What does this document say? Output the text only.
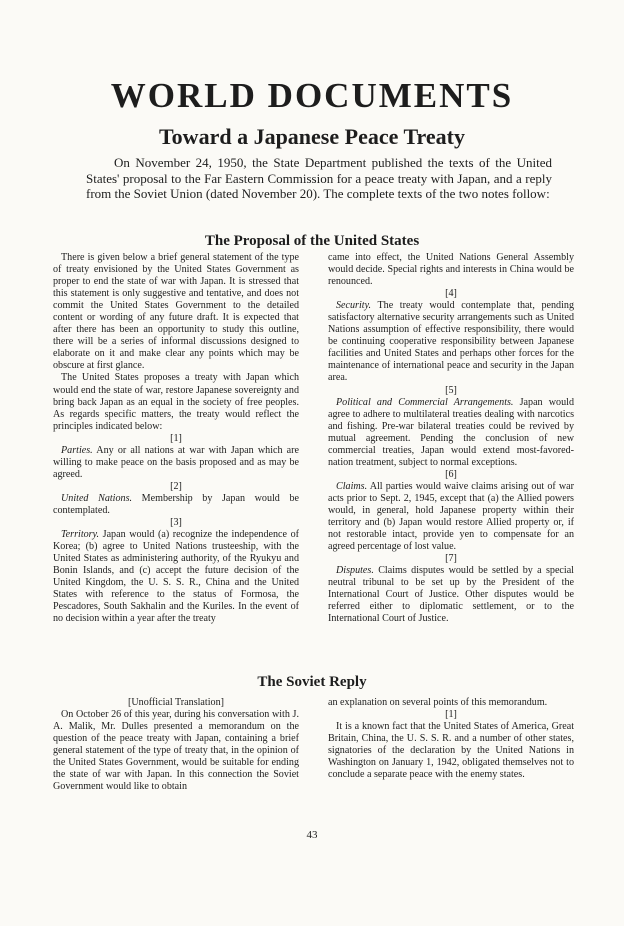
WORLD DOCUMENTS
Toward a Japanese Peace Treaty
On November 24, 1950, the State Department published the texts of the United States' proposal to the Far Eastern Commission for a peace treaty with Japan, and a reply from the Soviet Union (dated November 20). The complete texts of the two notes follow:
The Proposal of the United States

There is given below a brief general statement of the type of treaty envisioned by the United States Government as proper to end the state of war with Japan. It is stressed that this statement is only suggestive and tentative, and does not commit the United States Government to the detailed content or wording of any future draft. It is expected that after there has been an opportunity to study this outline, there will be a series of informal discussions designed to elaborate on it and make clear any points which may be obscure at first glance.

The United States proposes a treaty with Japan which would end the state of war, restore Japanese sovereignty and bring back Japan as an equal in the society of free peoples. As regards specific matters, the treaty would reflect the principles indicated below:

[1]

Parties. Any or all nations at war with Japan which are willing to make peace on the basis proposed and as may be agreed.

[2]

United Nations. Membership by Japan would be contemplated.

[3]

Territory. Japan would (a) recognize the independence of Korea; (b) agree to United Nations trusteeship, with the United States as administering authority, of the Ryukyu and Bonin Islands, and (c) accept the future decision of the United Kingdom, the U. S. S. R., China and the United States with reference to the status of Formosa, the Pescadores, South Sakhalin and the Kuriles. In the event of no decision within a year after the treaty

came into effect, the United Nations General Assembly would decide. Special rights and interests in China would be renounced.

[4]

Security. The treaty would contemplate that, pending satisfactory alternative security arrangements such as United Nations assumption of effective responsibility, there would be continuing cooperative responsibility between Japanese facilities and United States and perhaps other forces for the maintenance of international peace and security in the Japan area.

[5]

Political and Commercial Arrangements. Japan would agree to adhere to multilateral treaties dealing with narcotics and fishing. Pre-war bilateral treaties could be revived by mutual agreement. Pending the conclusion of new commercial treaties, Japan would extend most-favored-nation treatment, subject to normal exceptions.

[6]

Claims. All parties would waive claims arising out of war acts prior to Sept. 2, 1945, except that (a) the Allied powers would, in general, hold Japanese property within their territory and (b) Japan would restore Allied property or, if not restorable intact, provide yen to compensate for an agreed percentage of lost value.

[7]

Disputes. Claims disputes would be settled by a special neutral tribunal to be set up by the President of the International Court of Justice. Other disputes would be referred either to diplomatic settlement, or to the International Court of Justice.

The Soviet Reply

[Unofficial Translation]

On October 26 of this year, during his conversation with J. A. Malik, Mr. Dulles presented a memorandum on the question of the peace treaty with Japan, containing a brief general statement of the type of treaty that, in the opinion of the United States Government, would be suitable for ending the state of war with Japan. In this connection the Soviet Government would like to obtain

an explanation on several points of this memorandum.

[1]

It is a known fact that the United States of America, Great Britain, China, the U. S. S. R. and a number of other states, signatories of the declaration by the United Nations in Washington on January 1, 1942, obligated themselves not to conclude a separate peace with the enemy states.

43
